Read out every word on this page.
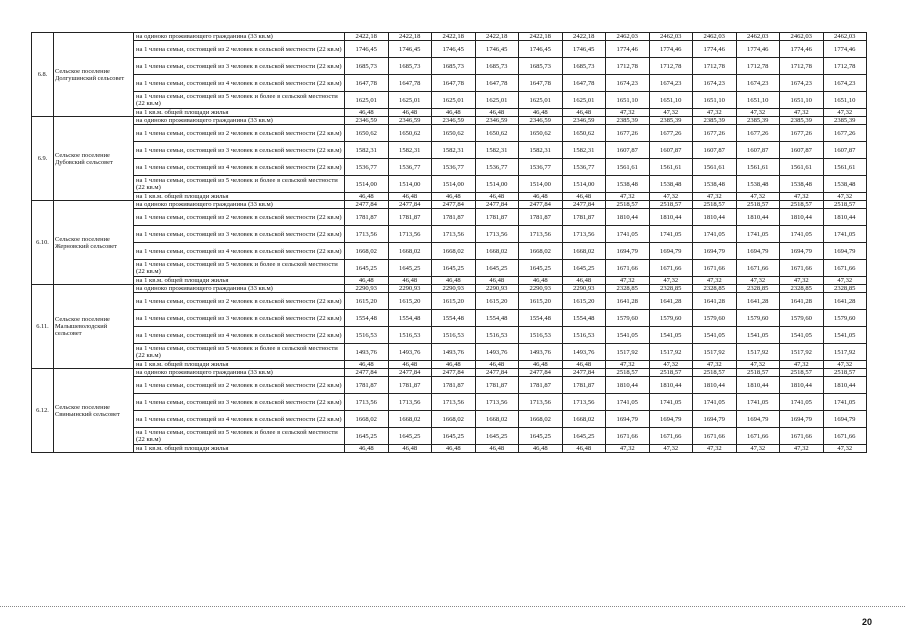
6.8.	Сельское поселение Долгушинский сельсовет	на одиноко проживающего гражданина (33 кв.м)	2422,18	2422,18	2422,18	2422,18	2422,18	2422,18	2462,03	2462,03	2462,03	2462,03	2462,03	2462,03
		на 1 члена семьи, состоящей из 2 человек в сельской местности (22 кв.м)	1746,45	1746,45	1746,45	1746,45	1746,45	1746,45	1774,46	1774,46	1774,46	1774,46	1774,46	1774,46
		на 1 члена семьи, состоящей из 3 человек в сельской местности (22 кв.м)	1685,73	1685,73	1685,73	1685,73	1685,73	1685,73	1712,78	1712,78	1712,78	1712,78	1712,78	1712,78
		на 1 члена семьи, состоящей из 4 человек в сельской местности (22 кв.м)	1647,78	1647,78	1647,78	1647,78	1647,78	1647,78	1674,23	1674,23	1674,23	1674,23	1674,23	1674,23
		на 1 члена семьи, состоящей из 5 человек и более в сельской местности (22 кв.м)	1625,01	1625,01	1625,01	1625,01	1625,01	1625,01	1651,10	1651,10	1651,10	1651,10	1651,10	1651,10
		на 1 кв.м. общей площади жилья	46,48	46,48	46,48	46,48	46,48	46,48	47,32	47,32	47,32	47,32	47,32	47,32
6.9.	Сельское поселение Дубовский сельсовет	на одиноко проживающего гражданина (33 кв.м)	2346,59	2346,59	2346,59	2346,59	2346,59	2346,59	2385,39	2385,39	2385,39	2385,39	2385,39	2385,39
		на 1 члена семьи, состоящей из 2 человек в сельской местности (22 кв.м)	1650,62	1650,62	1650,62	1650,62	1650,62	1650,62	1677,26	1677,26	1677,26	1677,26	1677,26	1677,26
		на 1 члена семьи, состоящей из 3 человек в сельской местности (22 кв.м)	1582,31	1582,31	1582,31	1582,31	1582,31	1582,31	1607,87	1607,87	1607,87	1607,87	1607,87	1607,87
		на 1 члена семьи, состоящей из 4 человек в сельской местности (22 кв.м)	1536,77	1536,77	1536,77	1536,77	1536,77	1536,77	1561,61	1561,61	1561,61	1561,61	1561,61	1561,61
		на 1 члена семьи, состоящей из 5 человек и более в сельской местности (22 кв.м)	1514,00	1514,00	1514,00	1514,00	1514,00	1514,00	1538,48	1538,48	1538,48	1538,48	1538,48	1538,48
		на 1 кв.м. общей площади жилья	46,48	46,48	46,48	46,48	46,48	46,48	47,32	47,32	47,32	47,32	47,32	47,32
6.10.	Сельское поселение Жерновский сельсовет	на одиноко проживающего гражданина (33 кв.м)	2477,84	2477,84	2477,84	2477,84	2477,84	2477,84	2518,57	2518,57	2518,57	2518,57	2518,57	2518,57
		на 1 члена семьи, состоящей из 2 человек в сельской местности (22 кв.м)	1781,87	1781,87	1781,87	1781,87	1781,87	1781,87	1810,44	1810,44	1810,44	1810,44	1810,44	1810,44
		на 1 члена семьи, состоящей из 3 человек в сельской местности (22 кв.м)	1713,56	1713,56	1713,56	1713,56	1713,56	1713,56	1741,05	1741,05	1741,05	1741,05	1741,05	1741,05
		на 1 члена семьи, состоящей из 4 человек в сельской местности (22 кв.м)	1668,02	1668,02	1668,02	1668,02	1668,02	1668,02	1694,79	1694,79	1694,79	1694,79	1694,79	1694,79
		на 1 члена семьи, состоящей из 5 человек и более в сельской местности (22 кв.м)	1645,25	1645,25	1645,25	1645,25	1645,25	1645,25	1671,66	1671,66	1671,66	1671,66	1671,66	1671,66
		на 1 кв.м. общей площади жилья	46,48	46,48	46,48	46,48	46,48	46,48	47,32	47,32	47,32	47,32	47,32	47,32
6.11.	Сельское поселение Малышеволодский сельсовет	на одиноко проживающего гражданина (33 кв.м)	2290,93	2290,93	2290,93	2290,93	2290,93	2290,93	2328,85	2328,85	2328,85	2328,85	2328,85	2328,85
		на 1 члена семьи, состоящей из 2 человек в сельской местности (22 кв.м)	1615,20	1615,20	1615,20	1615,20	1615,20	1615,20	1641,28	1641,28	1641,28	1641,28	1641,28	1641,28
		на 1 члена семьи, состоящей из 3 человек в сельской местности (22 кв.м)	1554,48	1554,48	1554,48	1554,48	1554,48	1554,48	1579,60	1579,60	1579,60	1579,60	1579,60	1579,60
		на 1 члена семьи, состоящей из 4 человек в сельской местности (22 кв.м)	1516,53	1516,53	1516,53	1516,53	1516,53	1516,53	1541,05	1541,05	1541,05	1541,05	1541,05	1541,05
		на 1 члена семьи, состоящей из 5 человек и более в сельской местности (22 кв.м)	1493,76	1493,76	1493,76	1493,76	1493,76	1493,76	1517,92	1517,92	1517,92	1517,92	1517,92	1517,92
		на 1 кв.м. общей площади жилья	46,48	46,48	46,48	46,48	46,48	46,48	47,32	47,32	47,32	47,32	47,32	47,32
6.12.	Сельское поселение Свиньинский сельсовет	на одиноко проживающего гражданина (33 кв.м)	2477,84	2477,84	2477,84	2477,84	2477,84	2477,84	2518,57	2518,57	2518,57	2518,57	2518,57	2518,57
		на 1 члена семьи, состоящей из 2 человек в сельской местности (22 кв.м)	1781,87	1781,87	1781,87	1781,87	1781,87	1781,87	1810,44	1810,44	1810,44	1810,44	1810,44	1810,44
		на 1 члена семьи, состоящей из 3 человек в сельской местности (22 кв.м)	1713,56	1713,56	1713,56	1713,56	1713,56	1713,56	1741,05	1741,05	1741,05	1741,05	1741,05	1741,05
		на 1 члена семьи, состоящей из 4 человек в сельской местности (22 кв.м)	1668,02	1668,02	1668,02	1668,02	1668,02	1668,02	1694,79	1694,79	1694,79	1694,79	1694,79	1694,79
		на 1 члена семьи, состоящей из 5 человек и более в сельской местности (22 кв.м)	1645,25	1645,25	1645,25	1645,25	1645,25	1645,25	1671,66	1671,66	1671,66	1671,66	1671,66	1671,66
		на 1 кв.м. общей площади жилья	46,48	46,48	46,48	46,48	46,48	46,48	47,32	47,32	47,32	47,32	47,32	47,32
20
